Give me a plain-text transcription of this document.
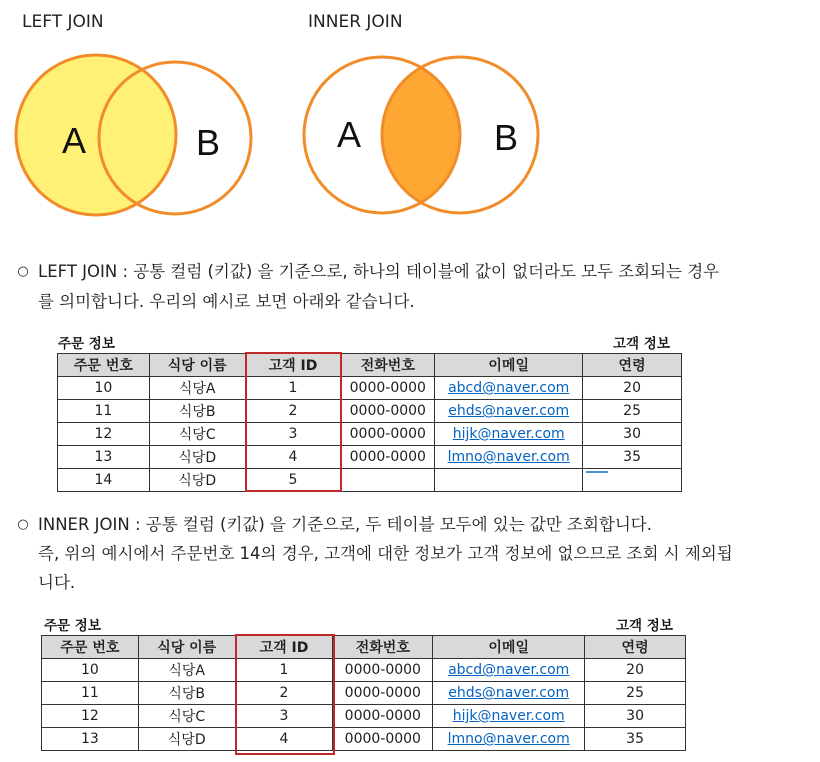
LEFT JOIN	INNER JOIN
A	B	A	B
○ LEFT JOIN : 공통 컬럼 (키값) 을 기준으로, 하나의 테이블에 값이 없더라도 모두 조회되는 경우
를 의미합니다. 우리의 예시로 보면 아래와 같습니다.
주문 정보	고객 정보
주문 번호	식당 이름	고객 ID	전화번호	이메일	연령
10	식당A	1	0000-0000	abcd@naver.com	20
11	식당B	2	0000-0000	ehds@naver.com	25
12	식당C	3	0000-0000	hijk@naver.com	30
13	식당D	4	0000-0000	lmno@naver.com	35
14	식당D	5			
○ INNER JOIN : 공통 컬럼 (키값) 을 기준으로, 두 테이블 모두에 있는 값만 조회합니다.
즉, 위의 예시에서 주문번호 14의 경우, 고객에 대한 정보가 고객 정보에 없으므로 조회 시 제외됩
니다.
주문 정보	고객 정보
주문 번호	식당 이름	고객 ID	전화번호	이메일	연령
10	식당A	1	0000-0000	abcd@naver.com	20
11	식당B	2	0000-0000	ehds@naver.com	25
12	식당C	3	0000-0000	hijk@naver.com	30
13	식당D	4	0000-0000	lmno@naver.com	35
